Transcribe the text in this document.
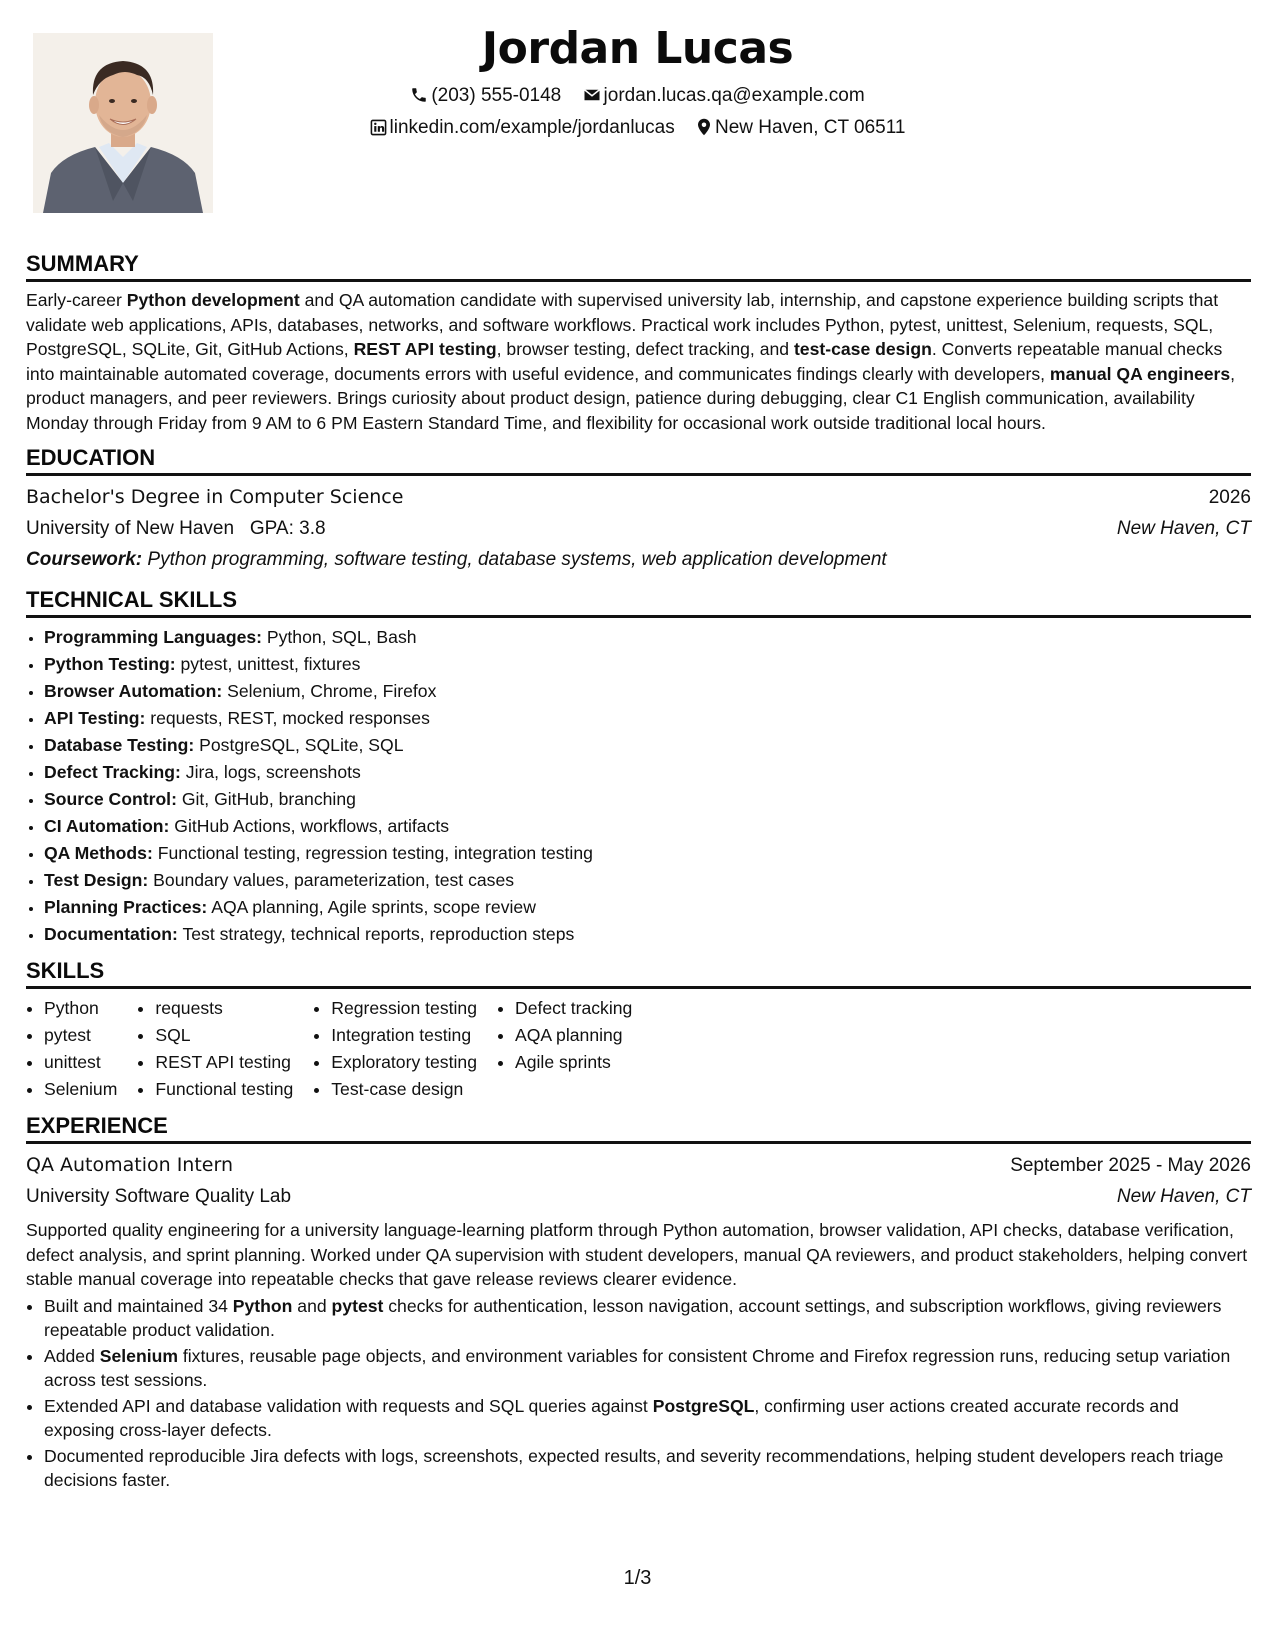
Jordan Lucas
(203) 555-0148 jordan.lucas.qa@example.com
linkedin.com/example/jordanlucas New Haven, CT 06511
SUMMARY

Early-career Python development and QA automation candidate with supervised university lab, internship, and capstone experience building scripts that validate web applications, APIs, databases, networks, and software workflows. Practical work includes Python, pytest, unittest, Selenium, requests, SQL, PostgreSQL, SQLite, Git, GitHub Actions, REST API testing, browser testing, defect tracking, and test-case design. Converts repeatable manual checks into maintainable automated coverage, documents errors with useful evidence, and communicates findings clearly with developers, manual QA engineers, product managers, and peer reviewers. Brings curiosity about product design, patience during debugging, clear C1 English communication, availability Monday through Friday from 9 AM to 6 PM Eastern Standard Time, and flexibility for occasional work outside traditional local hours.

EDUCATION
Bachelor's Degree in Computer Science	2026
University of New Haven GPA: 3.8	New Haven, CT
Coursework: Python programming, software testing, database systems, web application development
TECHNICAL SKILLS
• Programming Languages: Python, SQL, Bash
• Python Testing: pytest, unittest, fixtures
• Browser Automation: Selenium, Chrome, Firefox
• API Testing: requests, REST, mocked responses
• Database Testing: PostgreSQL, SQLite, SQL
• Defect Tracking: Jira, logs, screenshots
• Source Control: Git, GitHub, branching
• CI Automation: GitHub Actions, workflows, artifacts
• QA Methods: Functional testing, regression testing, integration testing
• Test Design: Boundary values, parameterization, test cases
• Planning Practices: AQA planning, Agile sprints, scope review
• Documentation: Test strategy, technical reports, reproduction steps
SKILLS
• Python
• pytest
• unittest
• Selenium
• requests
• SQL
• REST API testing
• Functional testing
• Regression testing
• Integration testing
• Exploratory testing
• Test-case design
• Defect tracking
• AQA planning
• Agile sprints
EXPERIENCE
QA Automation Intern	September 2025 - May 2026
University Software Quality Lab	New Haven, CT

Supported quality engineering for a university language-learning platform through Python automation, browser validation, API checks, database verification, defect analysis, and sprint planning. Worked under QA supervision with student developers, manual QA reviewers, and product stakeholders, helping convert stable manual coverage into repeatable checks that gave release reviews clearer evidence.

• Built and maintained 34 Python and pytest checks for authentication, lesson navigation, account settings, and subscription workflows, giving reviewers repeatable product validation.
• Added Selenium fixtures, reusable page objects, and environment variables for consistent Chrome and Firefox regression runs, reducing setup variation across test sessions.
• Extended API and database validation with requests and SQL queries against PostgreSQL, confirming user actions created accurate records and exposing cross-layer defects.
• Documented reproducible Jira defects with logs, screenshots, expected results, and severity recommendations, helping student developers reach triage decisions faster.
1/3
